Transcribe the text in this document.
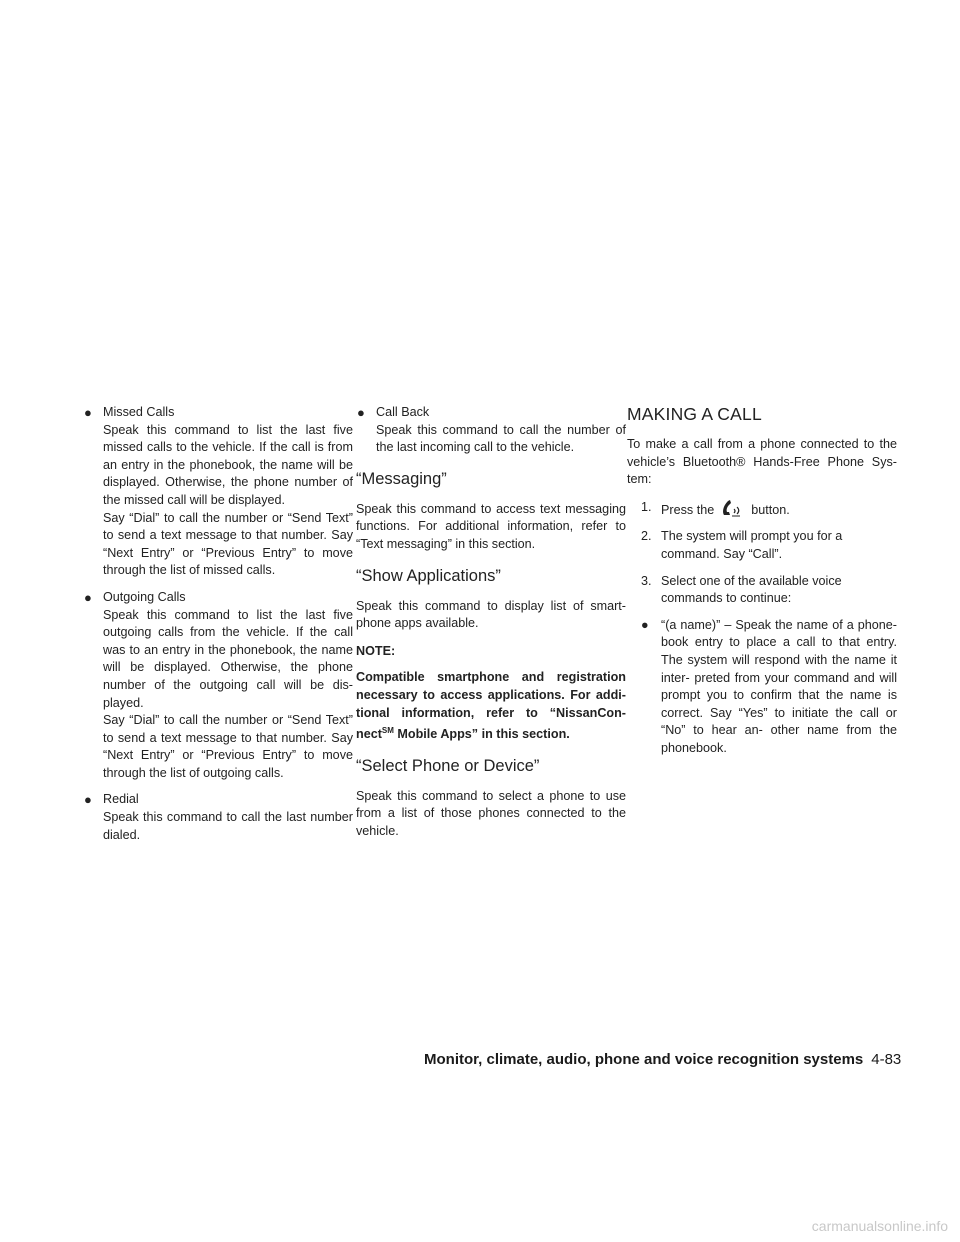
● Missed Calls

Speak this command to list the last five missed calls to the vehicle. If the call is from an entry in the phonebook, the name will be displayed. Otherwise, the phone number of the missed call will be displayed.

Say “Dial” to call the number or “Send Text” to send a text message to that number. Say “Next Entry” or “Previous Entry” to move through the list of missed calls.

● Outgoing Calls

Speak this command to list the last five outgoing calls from the vehicle. If the call was to an entry in the phonebook, the name will be displayed. Otherwise, the phone number of the outgoing call will be dis- played.

Say “Dial” to call the number or “Send Text” to send a text message to that number. Say “Next Entry” or “Previous Entry” to move through the list of outgoing calls.

● Redial

Speak this command to call the last number dialed.

● Call Back

Speak this command to call the number of the last incoming call to the vehicle.

“Messaging”

Speak this command to access text messaging functions. For additional information, refer to “Text messaging” in this section.

“Show Applications”

Speak this command to display list of smart- phone apps available.

NOTE:
Compatible smartphone and registration necessary to access applications. For addi- tional information, refer to “NissanCon- nect℠ Mobile Apps” in this section.
“Select Phone or Device”

Speak this command to select a phone to use from a list of those phones connected to the vehicle.

MAKING A CALL

To make a call from a phone connected to the vehicle’s Bluetooth® Hands-Free Phone Sys- tem:

1. Press the	button.
2. The system will prompt you for a command. Say “Call”.
3. Select one of the available voice commands to continue:
● “(a name)” – Speak the name of a phone- book entry to place a call to that entry. The system will respond with the name it inter- preted from your command and will prompt you to confirm that the name is correct. Say “Yes” to initiate the call or “No” to hear an- other name from the phonebook.
Monitor, climate, audio, phone and voice recognition systems 4-83
carmanualsonline.info
